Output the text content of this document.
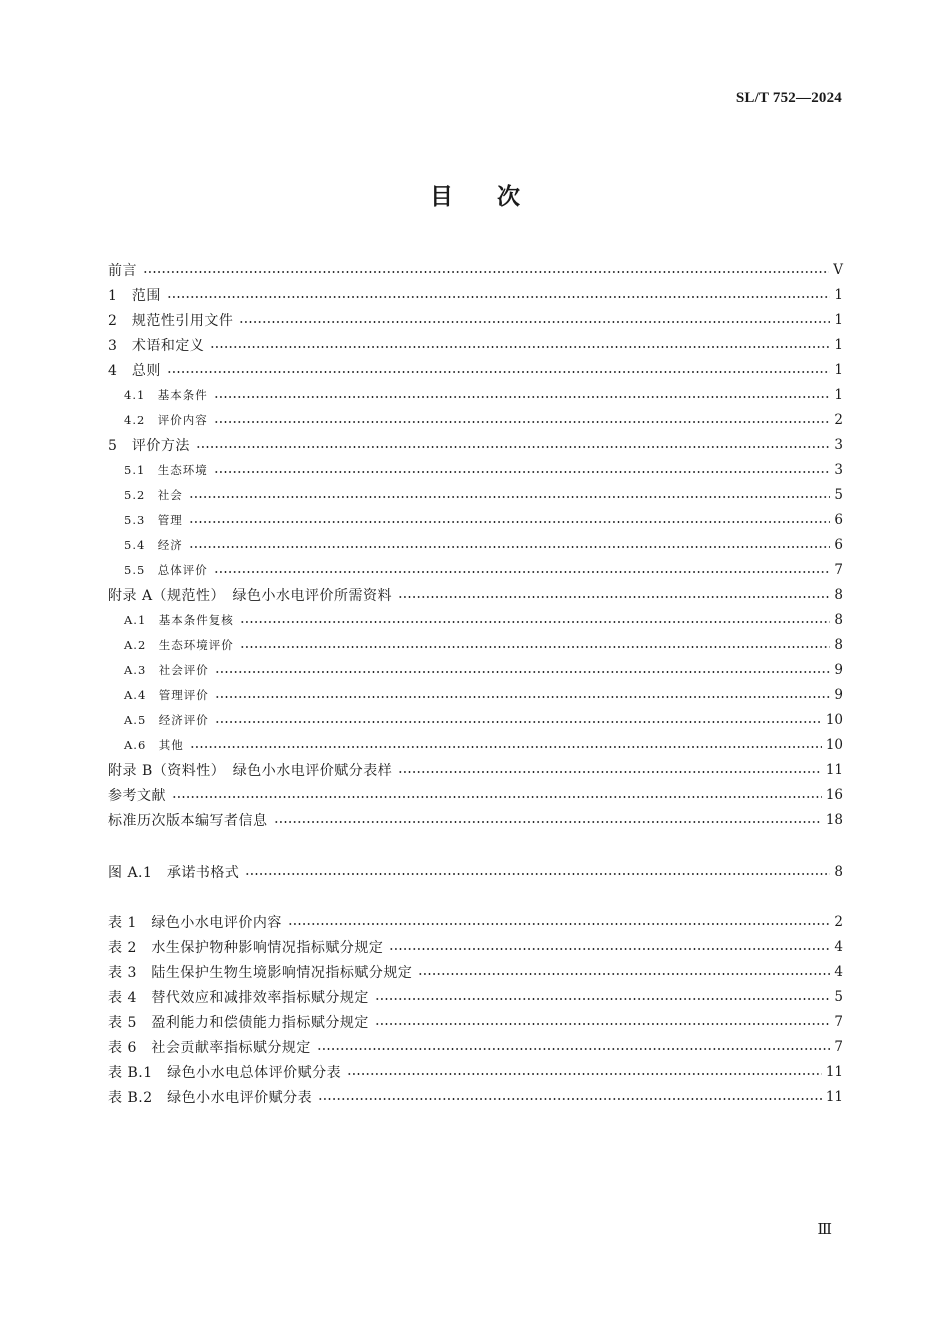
SL/T 752—2024
目 次
前言	V
1　范围	1
2　规范性引用文件	1
3　术语和定义	1
4　总则	1
4.1　基本条件	1
4.2　评价内容	2
5　评价方法	3
5.1　生态环境	3
5.2　社会	5
5.3　管理	6
5.4　经济	6
5.5　总体评价	7
附录 A（规范性）　绿色小水电评价所需资料	8
A.1　基本条件复核	8
A.2　生态环境评价	8
A.3　社会评价	9
A.4　管理评价	9
A.5　经济评价	10
A.6　其他	10
附录 B（资料性）　绿色小水电评价赋分表样	11
参考文献	16
标准历次版本编写者信息	18
图 A.1　承诺书格式	8
表 1　绿色小水电评价内容	2
表 2　水生保护物种影响情况指标赋分规定	4
表 3　陆生保护生物生境影响情况指标赋分规定	4
表 4　替代效应和减排效率指标赋分规定	5
表 5　盈利能力和偿债能力指标赋分规定	7
表 6　社会贡献率指标赋分规定	7
表 B.1　绿色小水电总体评价赋分表	11
表 B.2　绿色小水电评价赋分表	11
Ⅲ
